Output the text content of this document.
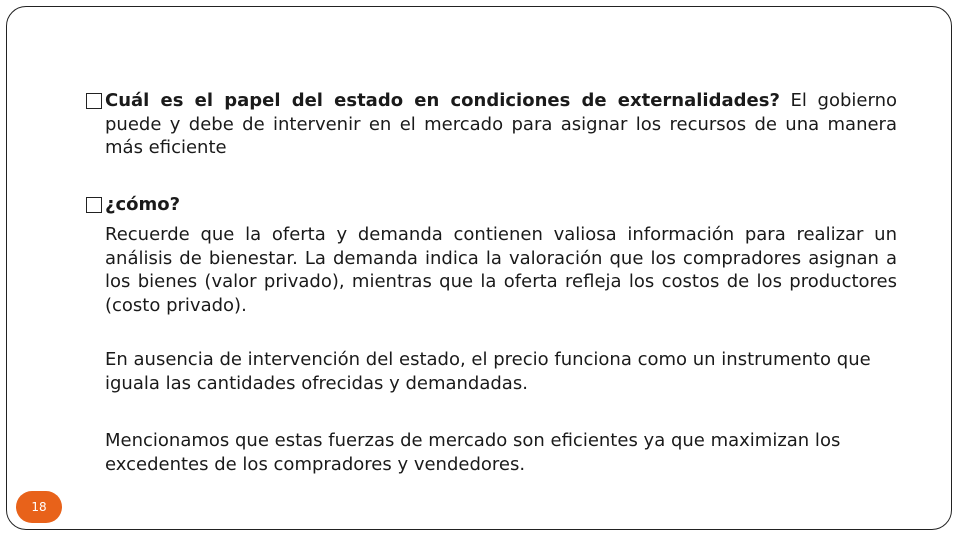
Cuál es el papel del estado en condiciones de externalidades? El gobierno puede y debe de intervenir en el mercado para asignar los recursos de una manera más eficiente

¿cómo?

Recuerde que la oferta y demanda contienen valiosa información para realizar un análisis de bienestar. La demanda indica la valoración que los compradores asignan a los bienes (valor privado), mientras que la oferta refleja los costos de los productores (costo privado).

En ausencia de intervención del estado, el precio funciona como un instrumento que iguala las cantidades ofrecidas y demandadas.

Mencionamos que estas fuerzas de mercado son eficientes ya que maximizan los excedentes de los compradores y vendedores.

18
